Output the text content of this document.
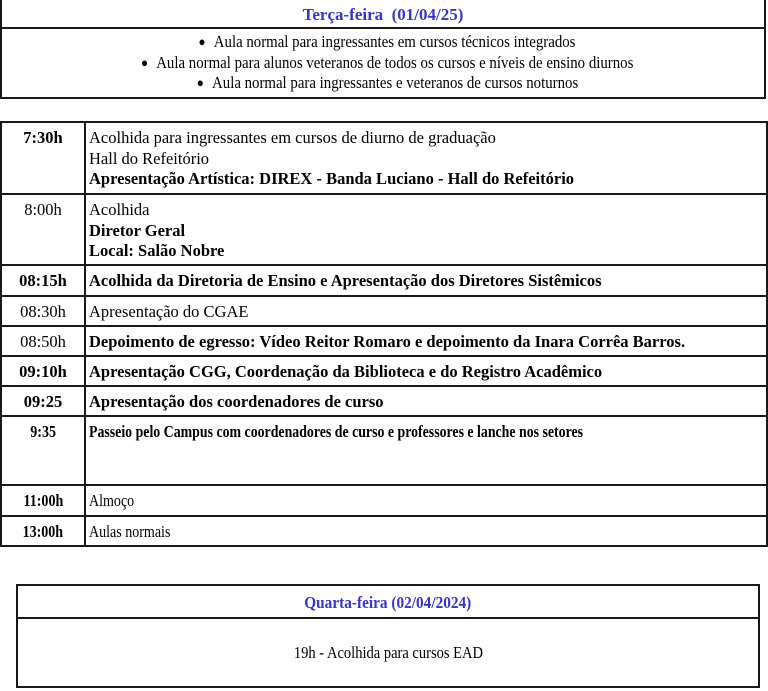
Terça-feira  (01/04/25)
● Aula normal para ingressantes em cursos técnicos integrados
● Aula normal para alunos veteranos de todos os cursos e níveis de ensino diurnos
● Aula normal para ingressantes e veteranos de cursos noturnos
7:30h	Acolhida para ingressantes em cursos de diurno de graduação
Hall do Refeitório
Apresentação Artística: DIREX - Banda Luciano - Hall do Refeitório

8:00h	Acolhida
Diretor Geral
Local: Salão Nobre

08:15h	Acolhida da Diretoria de Ensino e Apresentação dos Diretores Sistêmicos

08:30h	Apresentação do CGAE

08:50h	Depoimento de egresso: Vídeo Reitor Romaro e depoimento da Inara Corrêa Barros.

09:10h	Apresentação CGG, Coordenação da Biblioteca e do Registro Acadêmico

09:25	Apresentação dos coordenadores de curso

9:35	Passeio pelo Campus com coordenadores de curso e professores e lanche nos setores

11:00h	Almoço

13:00h	Aulas normais
Quarta-feira (02/04/2024)
19h - Acolhida para cursos EAD
